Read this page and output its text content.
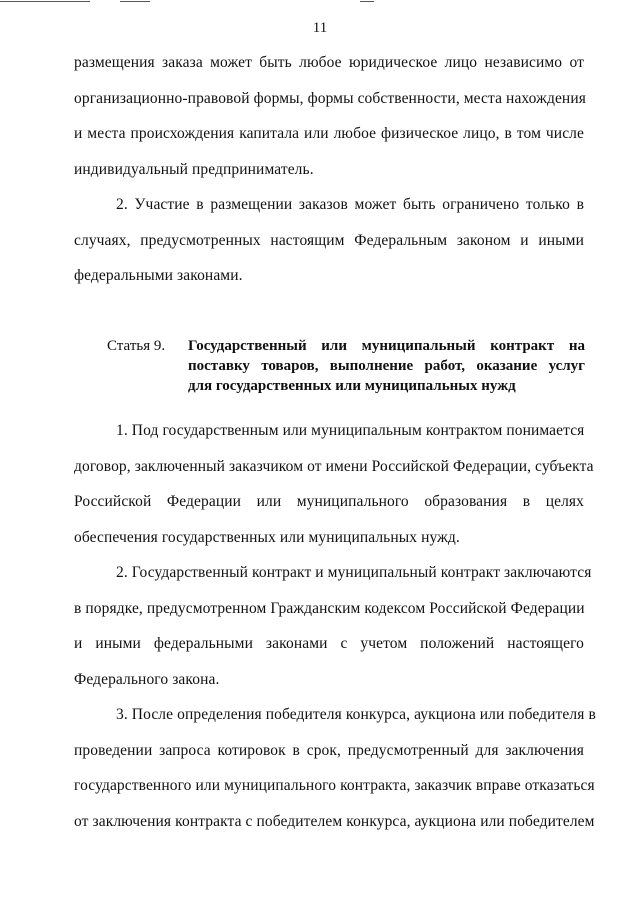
11
размещения заказа может быть любое юридическое лицо независимо от
организационно-правовой формы, формы собственности, места нахождения
и места происхождения капитала или любое физическое лицо, в том числе
индивидуальный предприниматель.
2. Участие в размещении заказов может быть ограничено только в
случаях, предусмотренных настоящим Федеральным законом и иными
федеральными законами.
Статья 9. Государственный или муниципальный контракт на
поставку товаров, выполнение работ, оказание услуг
для государственных или муниципальных нужд
1. Под государственным или муниципальным контрактом понимается
договор, заключенный заказчиком от имени Российской Федерации, субъекта
Российской Федерации или муниципального образования в целях
обеспечения государственных или муниципальных нужд.
2. Государственный контракт и муниципальный контракт заключаются
в порядке, предусмотренном Гражданским кодексом Российской Федерации
и иными федеральными законами с учетом положений настоящего
Федерального закона.
3. После определения победителя конкурса, аукциона или победителя в
проведении запроса котировок в срок, предусмотренный для заключения
государственного или муниципального контракта, заказчик вправе отказаться
от заключения контракта с победителем конкурса, аукциона или победителем
